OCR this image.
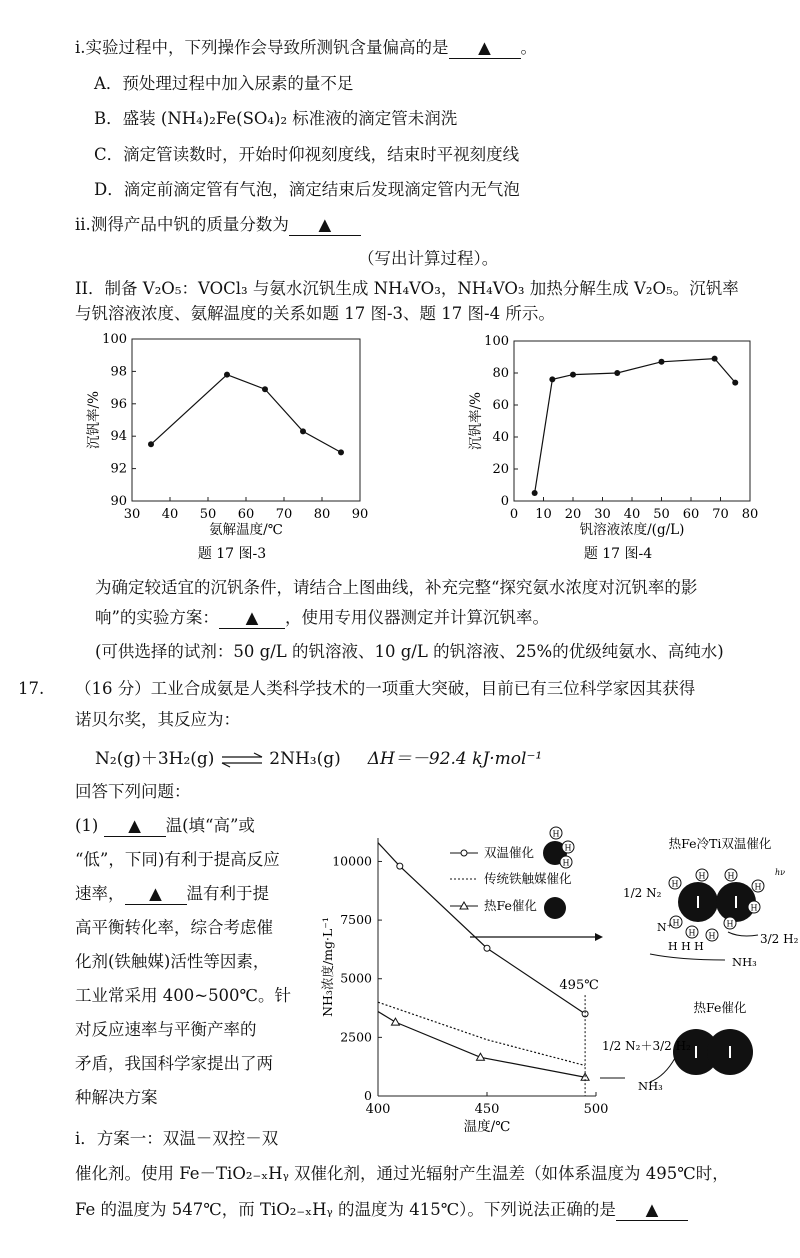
i.实验过程中，下列操作会导致所测钒含量偏高的是 ▲ 。
A．预处理过程中加入尿素的量不足
B．盛装 (NH₄)₂Fe(SO₄)₂ 标准液的滴定管未润洗
C．滴定管读数时，开始时仰视刻度线，结束时平视刻度线
D．滴定前滴定管有气泡，滴定结束后发现滴定管内无气泡
ii.测得产品中钒的质量分数为 ▲
（写出计算过程）。
II．制备 V₂O₅：VOCl₃ 与氨水沉钒生成 NH₄VO₃，NH₄VO₃ 加热分解生成 V₂O₅。沉钒率
与钒溶液浓度、氨解温度的关系如题 17 图-3、题 17 图-4 所示。
30 40 50 60 70 80 90
90
92
94
96
98
100
氨解温度/℃
沉钒率/%
题 17 图-3
0 10 20 30 40 50 60 70 80
0
20
40
60
80
100
钒溶液浓度/(g/L)
沉钒率/%
题 17 图-4
为确定较适宜的沉钒条件，请结合上图曲线，补充完整“探究氨水浓度对沉钒率的影
响”的实验方案： ▲ ，使用专用仪器测定并计算沉钒率。
(可供选择的试剂：50 g/L 的钒溶液、10 g/L 的钒溶液、25%的优级纯氨水、高纯水)
17. （16 分）工业合成氨是人类科学技术的一项重大突破，目前已有三位科学家因其获得
诺贝尔奖，其反应为：
N₂(g)＋3H₂(g) ⇌ 2NH₃(g) ΔH＝－92.4 kJ·mol⁻¹
回答下列问题：
(1) ▲ 温(填“高”或
“低”，下同)有利于提高反应
速率， ▲ 温有利于提
高平衡转化率，综合考虑催
化剂(铁触媒)活性等因素，
工业常采用 400~500℃。针
对反应速率与平衡产率的
矛盾，我国科学家提出了两
种解决方案
i．方案一：双温－双控－双
催化剂。使用 Fe－TiO₂₋ₓHᵧ 双催化剂，通过光辐射产生温差（如体系温度为 495℃时，
Fe 的温度为 547℃，而 TiO₂₋ₓHᵧ 的温度为 415℃）。下列说法正确的是 ▲
400	450	500
0
2500
5000
7500
10000
温度/℃
NH₃浓度/mg·L⁻¹	495℃
双温催化
传统铁触媒催化
热Fe催化
H
H
H
热Fe冷Ti双温催化
hν
H
H	H
H
H
H
H
H H
1/2 N₂
N⁺
H H H
3/2 H₂
NH₃
热Fe催化
1/2 N₂＋3/2 H₂
NH₃
